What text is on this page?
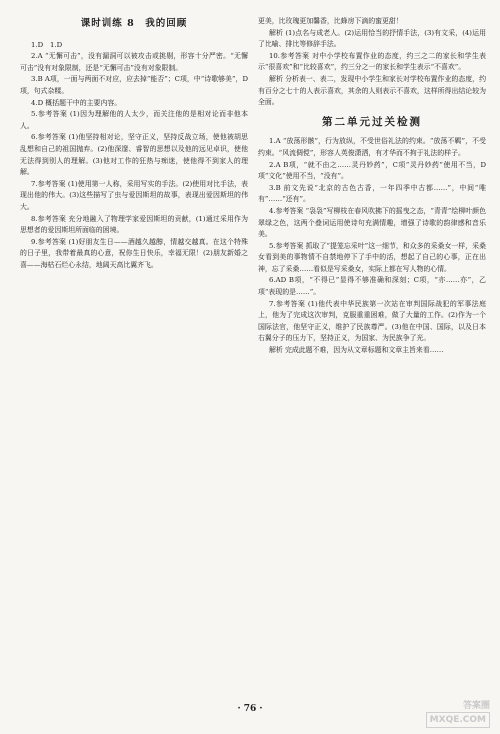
课时训练 8　我的回顾

1.D　1.D

2.A “无懈可击”，没有漏洞可以被攻击或挑剔，形容十分严密。“无懈可击”没有对象限制，还是“无懈可击”没有对象限制。

3.B A项，一面与两面不对应，应去掉“能否”；C项，中“诗歌够美”，D项，句式杂糅。

4.D 概括题干中的主要内容。

5.参考答案 (1)因为理解他的人太少，而关注他的是相对论而非他本人。

6.参考答案 (1)他坚持相对论，坚守正义，坚持反战立场，使他被胡思乱想和自己的祖国抛弃。(2)他深邃、睿智的思想以及他的远见卓识，使他无法得到别人的理解。(3)他对工作的狂热与痴迷，使他得不到家人的理解。

7.参考答案 (1)使用第一人称，采用写实的手法。(2)使用对比手法，表现出他的伟大。(3)这些描写了虫与爱因斯坦的故事，表现出爱因斯坦的伟大。

8.参考答案 充分地融入了物理学家爱因斯坦的贡献，(1)通过采用作为思想者的爱因斯坦所面临的困境。

9.参考答案 (1)好朋友生日——酒越久越醇，情越交越真。在这个特殊的日子里，我带着最真的心意，祝你生日快乐，幸福无限！(2)朋友新婚之喜——海枯石烂心永结，地阔天高比翼齐飞。

更美，比玫瑰更加馨香，比蜂房下滴的蜜更甜！

解析 (1)点名与成老人。(2)运用恰当的抒情手法，(3)有文采，(4)运用了比喻、排比等修辞手法。

10.参考答案 对中小学校布置作业的态度，约三之二的家长和学生表示“很喜欢”和“比较喜欢”，约三分之一的家长和学生表示“不喜欢”。

解析 分析表一、表二，发现中小学生和家长对学校布置作业的态度，约有百分之七十的人表示喜欢，其余的人则表示不喜欢，这样所得出结论较为全面。

第二单元过关检测

1.A “放荡形骸”，行为放纵，不受世俗礼法的约束。“放荡不羁”，不受约束。“风流倜傥”，形容人英俊潇洒，有才华而不拘于礼法的样子。

2.A B项，“就不由之……灵丹妙药”，C项“灵丹妙药”使用不当，D项“文化”使用不当，“没有”。

3.B 前文先说“北京的古色古香，一年四季中古都……”，中间“唯有”……“还有”。

4.参考答案 “袅袅”写柳枝在春风吹拂下的摇曳之态，“青青”绘柳叶颜色翠绿之色，这两个叠词运用使诗句充满情趣，增强了诗歌的韵律感和音乐美。

5.参考答案 抓取了“提笼忘采叶”这一细节，和众多的采桑女一样，采桑女看到美的事物情不自禁地停下了手中的活，想起了自己的心事，正在出神，忘了采桑……看似是写采桑女，实际上都在写人物的心情。

6.AD B项，“不得已”显得不够准确和深刻；C项，“亦……亦”，乙项“表现的是……”。

7.参考答案 (1)他代表中华民族第一次站在审判国际战犯的军事法庭上，他为了完成这次审判，克服重重困难，做了大量的工作。(2)作为一个国际法官，他坚守正义，维护了民族尊严。(3)他在中国、国际，以及日本右翼分子的压力下，坚持正义，为国家、为民族争了光。

解析 完成此题不难，因为从文章标题和文章主旨来看……

· 76 ·	答案圈
MXQE.COM
